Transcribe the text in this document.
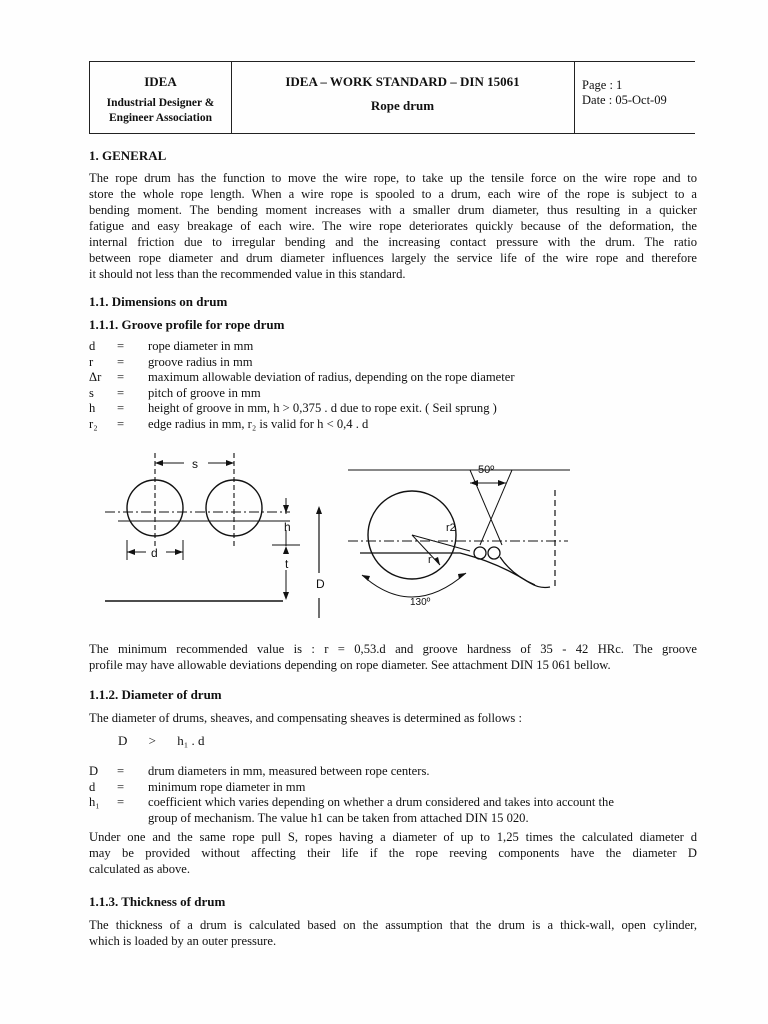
IDEA
Industrial Designer &
Engineer Association
IDEA – WORK STANDARD – DIN 15061
Rope drum
Page : 1
Date : 05-Oct-09
1. GENERAL
The rope drum has the function to move the wire rope, to take up the tensile force on the wire rope and to
store the whole rope length. When a wire rope is spooled to a drum, each wire of the rope is subject to a
bending moment. The bending moment increases with a smaller drum diameter, thus resulting in a quicker
fatigue and easy breakage of each wire. The wire rope deteriorates quickly because of the deformation, the
internal friction due to irregular bending and the increasing contact pressure with the drum. The ratio
between rope diameter and drum diameter influences largely the service life of the wire rope and therefore
it should not less than the recommended value in this standard.
1.1. Dimensions on drum
1.1.1. Groove profile for rope drum
d = rope diameter in mm
r = groove radius in mm
Δr = maximum allowable deviation of radius, depending on the rope diameter
s = pitch of groove in mm
h = height of groove in mm, h > 0,375 . d due to rope exit. ( Seil sprung )
r₂ = edge radius in mm, r₂ is valid for h < 0,4 . d
s
d
h
t
D
50º
r2
r
130º
The minimum recommended value is : r = 0,53.d and groove hardness of 35 - 42 HRc. The groove
profile may have allowable deviations depending on rope diameter. See attachment DIN 15 061 bellow.
1.1.2. Diameter of drum
The diameter of drums, sheaves, and compensating sheaves is determined as follows :
D > h₁ . d
D = drum diameters in mm, measured between rope centers.
d = minimum rope diameter in mm
h₁ = coefficient which varies depending on whether a drum considered and takes into account the
group of mechanism. The value h1 can be taken from attached DIN 15 020.
Under one and the same rope pull S, ropes having a diameter of up to 1,25 times the calculated diameter d
may be provided without affecting their life if the rope reeving components have the diameter D
calculated as above.
1.1.3. Thickness of drum
The thickness of a drum is calculated based on the assumption that the drum is a thick-wall, open cylinder,
which is loaded by an outer pressure.
